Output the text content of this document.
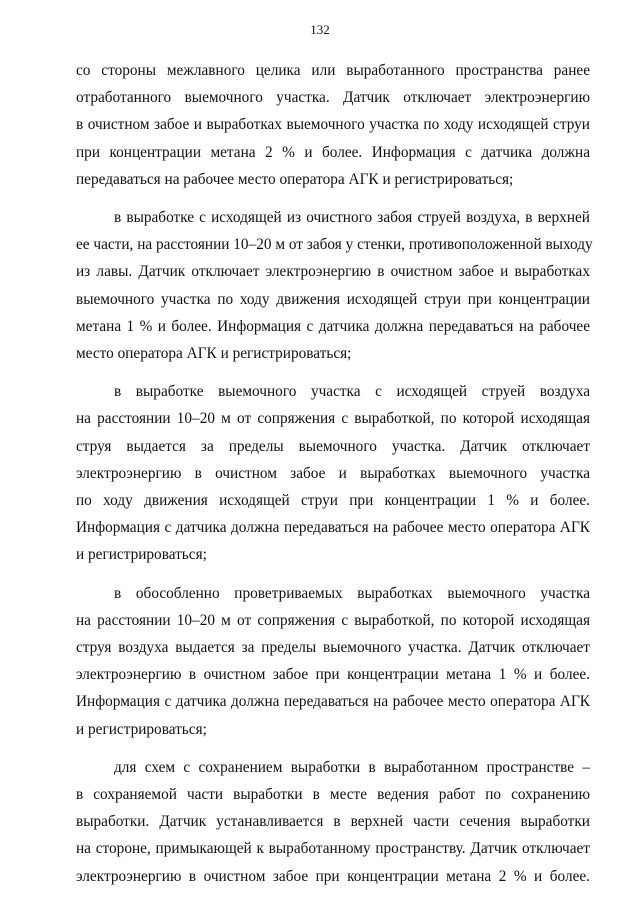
132
со стороны межлавного целика или выработанного пространства ранее
отработанного выемочного участка. Датчик отключает электроэнергию
в очистном забое и выработках выемочного участка по ходу исходящей струи
при концентрации метана 2 % и более. Информация с датчика должна
передаваться на рабочее место оператора АГК и регистрироваться;
в выработке с исходящей из очистного забоя струей воздуха, в верхней
ее части, на расстоянии 10–20 м от забоя у стенки, противоположенной выходу
из лавы. Датчик отключает электроэнергию в очистном забое и выработках
выемочного участка по ходу движения исходящей струи при концентрации
метана 1 % и более. Информация с датчика должна передаваться на рабочее
место оператора АГК и регистрироваться;
в выработке выемочного участка с исходящей струей воздуха
на расстоянии 10–20 м от сопряжения с выработкой, по которой исходящая
струя выдается за пределы выемочного участка. Датчик отключает
электроэнергию в очистном забое и выработках выемочного участка
по ходу движения исходящей струи при концентрации 1 % и более.
Информация с датчика должна передаваться на рабочее место оператора АГК
и регистрироваться;
в обособленно проветриваемых выработках выемочного участка
на расстоянии 10–20 м от сопряжения с выработкой, по которой исходящая
струя воздуха выдается за пределы выемочного участка. Датчик отключает
электроэнергию в очистном забое при концентрации метана 1 % и более.
Информация с датчика должна передаваться на рабочее место оператора АГК
и регистрироваться;
для схем с сохранением выработки в выработанном пространстве –
в сохраняемой части выработки в месте ведения работ по сохранению
выработки. Датчик устанавливается в верхней части сечения выработки
на стороне, примыкающей к выработанному пространству. Датчик отключает
электроэнергию в очистном забое при концентрации метана 2 % и более.
